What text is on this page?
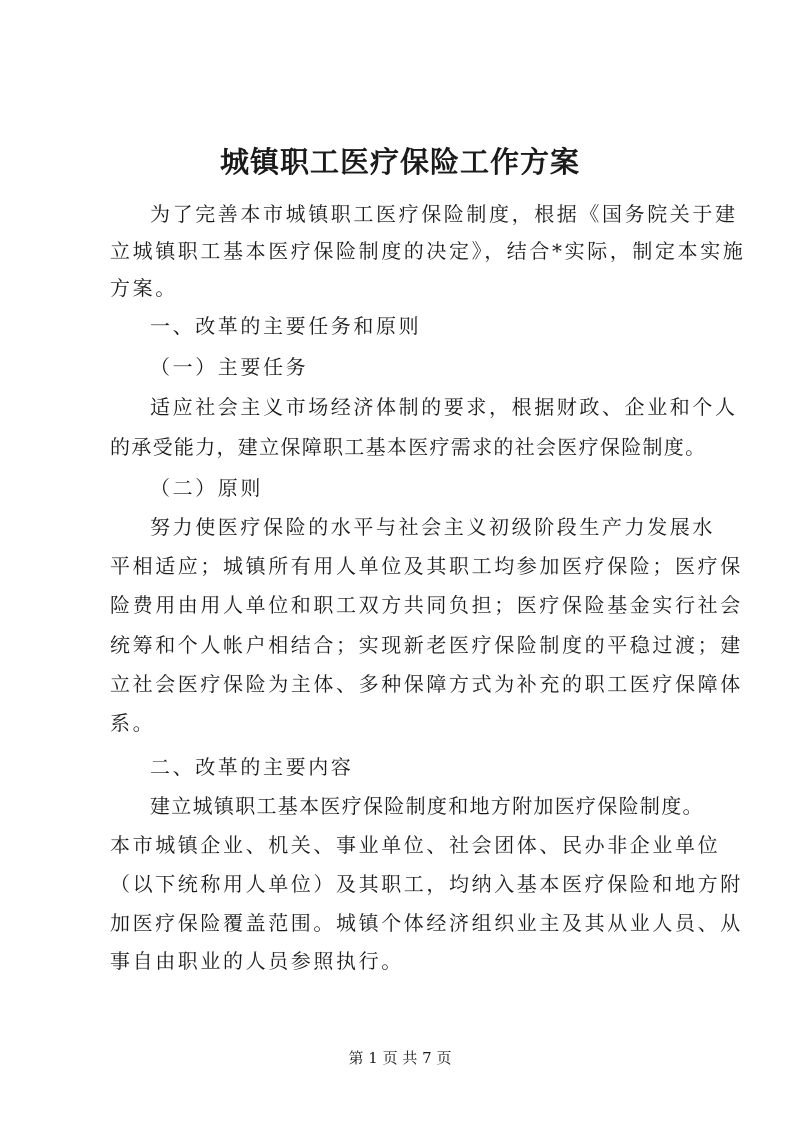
城镇职工医疗保险工作方案
为了完善本市城镇职工医疗保险制度，根据《国务院关于建
立城镇职工基本医疗保险制度的决定》，结合*实际，制定本实施
方案。
一、改革的主要任务和原则
（一）主要任务
适应社会主义市场经济体制的要求，根据财政、企业和个人
的承受能力，建立保障职工基本医疗需求的社会医疗保险制度。
（二）原则
努力使医疗保险的水平与社会主义初级阶段生产力发展水
平相适应；城镇所有用人单位及其职工均参加医疗保险；医疗保
险费用由用人单位和职工双方共同负担；医疗保险基金实行社会
统筹和个人帐户相结合；实现新老医疗保险制度的平稳过渡；建
立社会医疗保险为主体、多种保障方式为补充的职工医疗保障体
系。
二、改革的主要内容
建立城镇职工基本医疗保险制度和地方附加医疗保险制度。
本市城镇企业、机关、事业单位、社会团体、民办非企业单位
（以下统称用人单位）及其职工，均纳入基本医疗保险和地方附
加医疗保险覆盖范围。城镇个体经济组织业主及其从业人员、从
事自由职业的人员参照执行。
第 1 页 共 7 页
